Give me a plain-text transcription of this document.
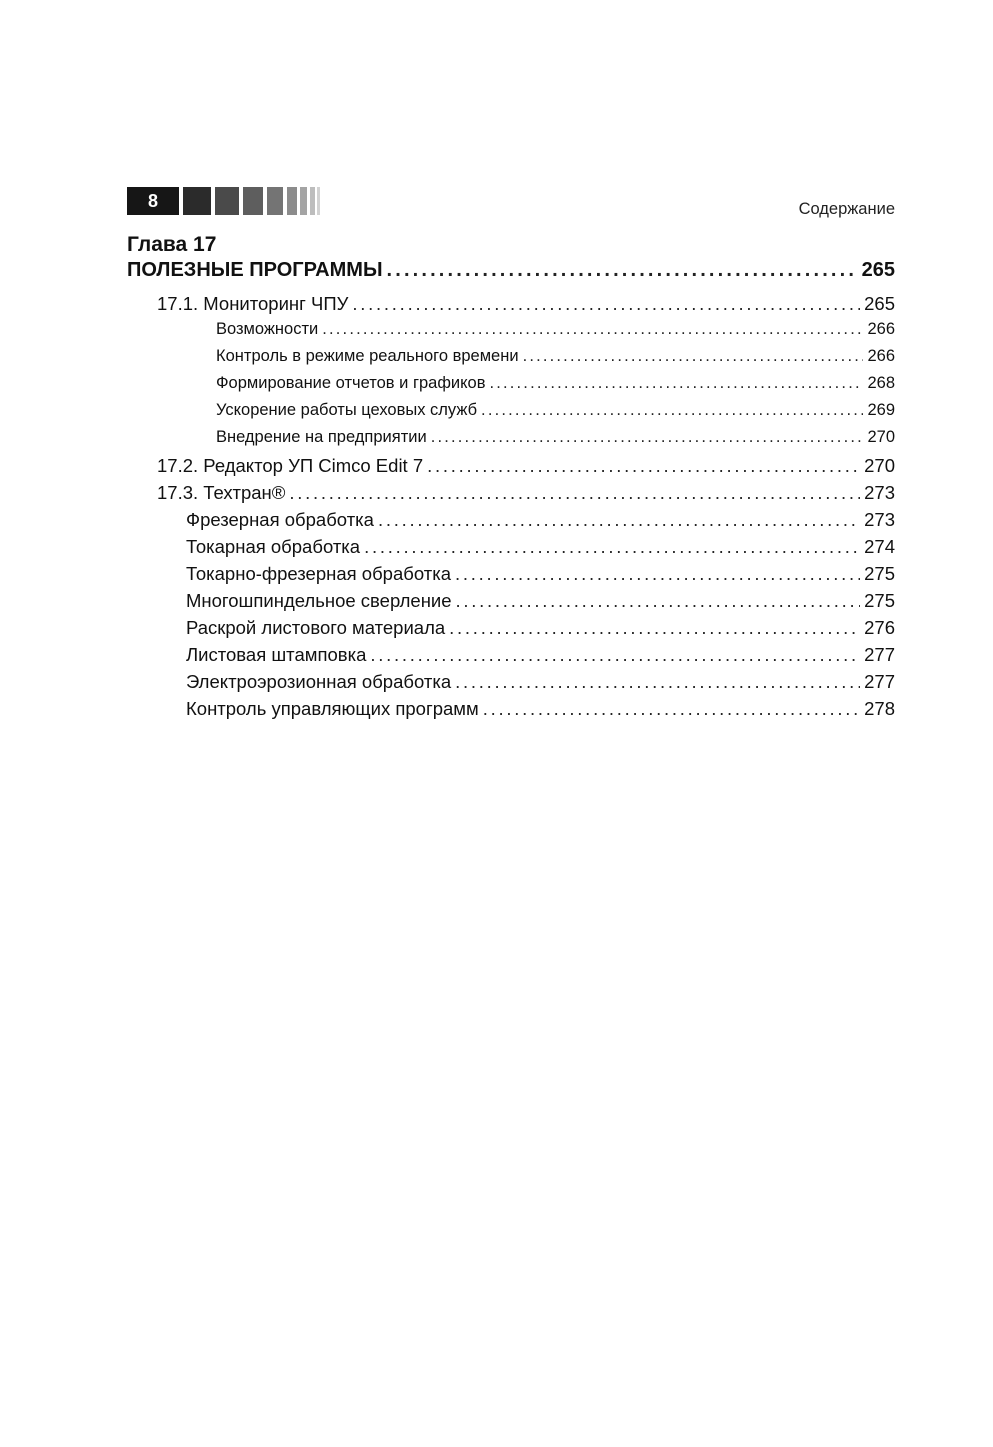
8	Содержание
Глава 17
ПОЛЕЗНЫЕ ПРОГРАММЫ . . .	265
17.1. Мониторинг ЧПУ . . .	265
Возможности . . .	266
Контроль в режиме реального времени . . .	266
Формирование отчетов и графиков . . .	268
Ускорение работы цеховых служб . . .	269
Внедрение на предприятии . . .	270
17.2. Редактор УП Cimco Edit 7 . . .	270
17.3. Техтран® . . .	273
Фрезерная обработка . . .	273
Токарная обработка . . .	274
Токарно-фрезерная обработка . . .	275
Многошпиндельное сверление . . .	275
Раскрой листового материала . . .	276
Листовая штамповка . . .	277
Электроэрозионная обработка . . .	277
Контроль управляющих программ . . .	278
